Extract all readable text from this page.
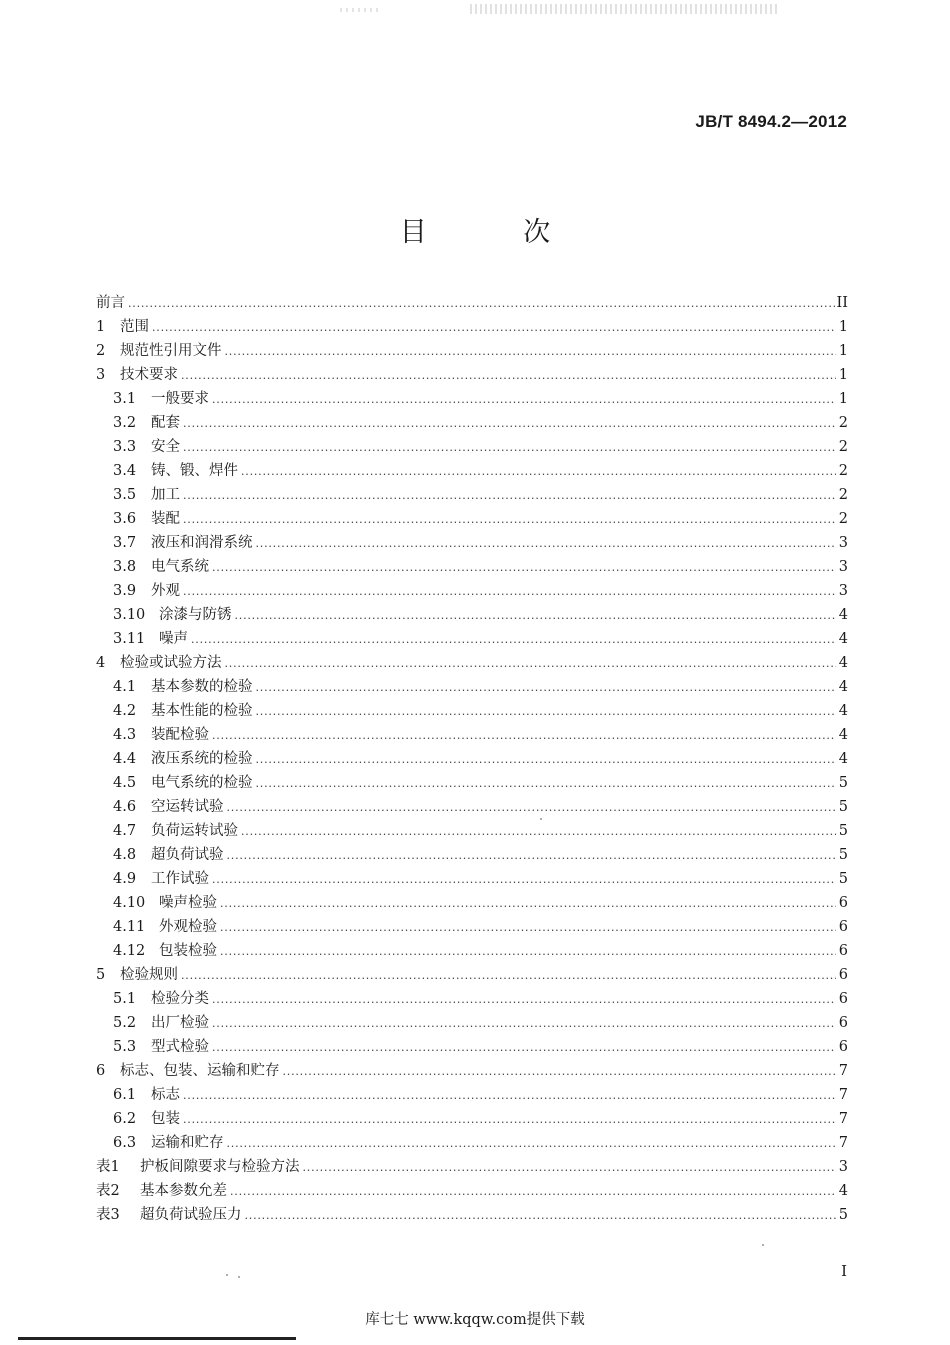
JB/T 8494.2—2012
目 次
前言 .....	II
1	范围 .....	1
2	规范性引用文件 .....	1
3	技术要求 .....	1
3.1	一般要求 .....	1
3.2	配套 .....	2
3.3	安全 .....	2
3.4	铸、锻、焊件 .....	2
3.5	加工 .....	2
3.6	装配 .....	2
3.7	液压和润滑系统 .....	3
3.8	电气系统 .....	3
3.9	外观 .....	3
3.10 涂漆与防锈 .....	4
3.11 噪声 .....	4
4	检验或试验方法 .....	4
4.1	基本参数的检验 .....	4
4.2	基本性能的检验 .....	4
4.3	装配检验 .....	4
4.4	液压系统的检验 .....	4
4.5	电气系统的检验 .....	5
4.6	空运转试验 .....	5
4.7	负荷运转试验 .....	5
4.8	超负荷试验 .....	5
4.9	工作试验 .....	5
4.10 噪声检验 .....	6
4.11 外观检验 .....	6
4.12 包装检验 .....	6
5	检验规则 .....	6
5.1	检验分类 .....	6
5.2	出厂检验 .....	6
5.3	型式检验 .....	6
6	标志、包装、运输和贮存 .....	7
6.1	标志 .....	7
6.2	包装 .....	7
6.3	运输和贮存 .....	7
表1	护板间隙要求与检验方法 .....	3
表2	基本参数允差 .....	4
表3	超负荷试验压力 .....	5
I
库七七 www.kqqw.com提供下载
